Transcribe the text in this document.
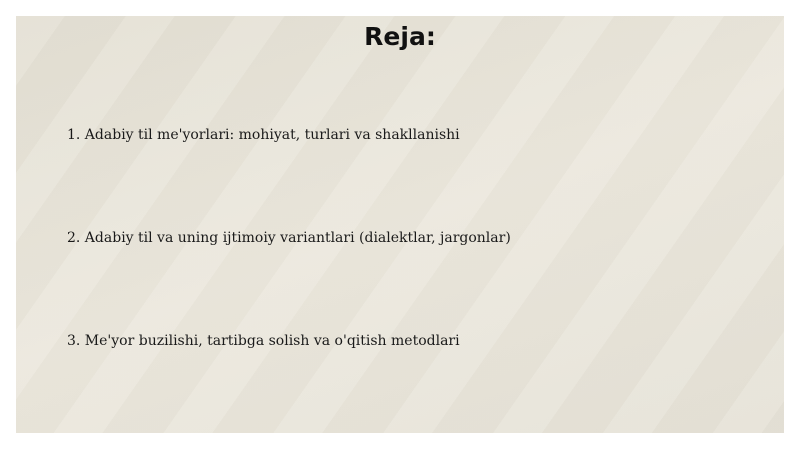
Reja:
1. Adabiy til me'yorlari: mohiyat, turlari va shakllanishi
2. Adabiy til va uning ijtimoiy variantlari (dialektlar, jargonlar)
3. Me'yor buzilishi, tartibga solish va o'qitish metodlari
